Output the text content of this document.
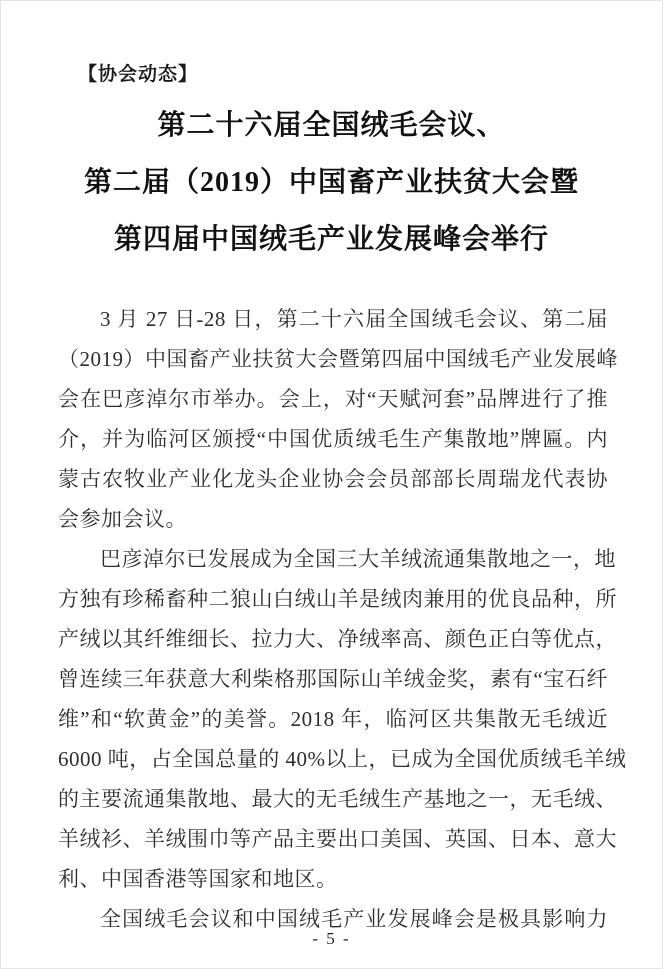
【协会动态】
第二十六届全国绒毛会议、
第二届（2019）中国畜产业扶贫大会暨
第四届中国绒毛产业发展峰会举行
3 月 27 日-28 日，第二十六届全国绒毛会议、第二届
（2019）中国畜产业扶贫大会暨第四届中国绒毛产业发展峰
会在巴彦淖尔市举办。会上，对“天赋河套”品牌进行了推
介，并为临河区颁授“中国优质绒毛生产集散地”牌匾。内
蒙古农牧业产业化龙头企业协会会员部部长周瑞龙代表协
会参加会议。
巴彦淖尔已发展成为全国三大羊绒流通集散地之一，地
方独有珍稀畜种二狼山白绒山羊是绒肉兼用的优良品种，所
产绒以其纤维细长、拉力大、净绒率高、颜色正白等优点，
曾连续三年获意大利柴格那国际山羊绒金奖，素有“宝石纤
维”和“软黄金”的美誉。2018 年，临河区共集散无毛绒近
6000 吨，占全国总量的 40%以上，已成为全国优质绒毛羊绒
的主要流通集散地、最大的无毛绒生产基地之一，无毛绒、
羊绒衫、羊绒围巾等产品主要出口美国、英国、日本、意大
利、中国香港等国家和地区。
全国绒毛会议和中国绒毛产业发展峰会是极具影响力
- 5 -
